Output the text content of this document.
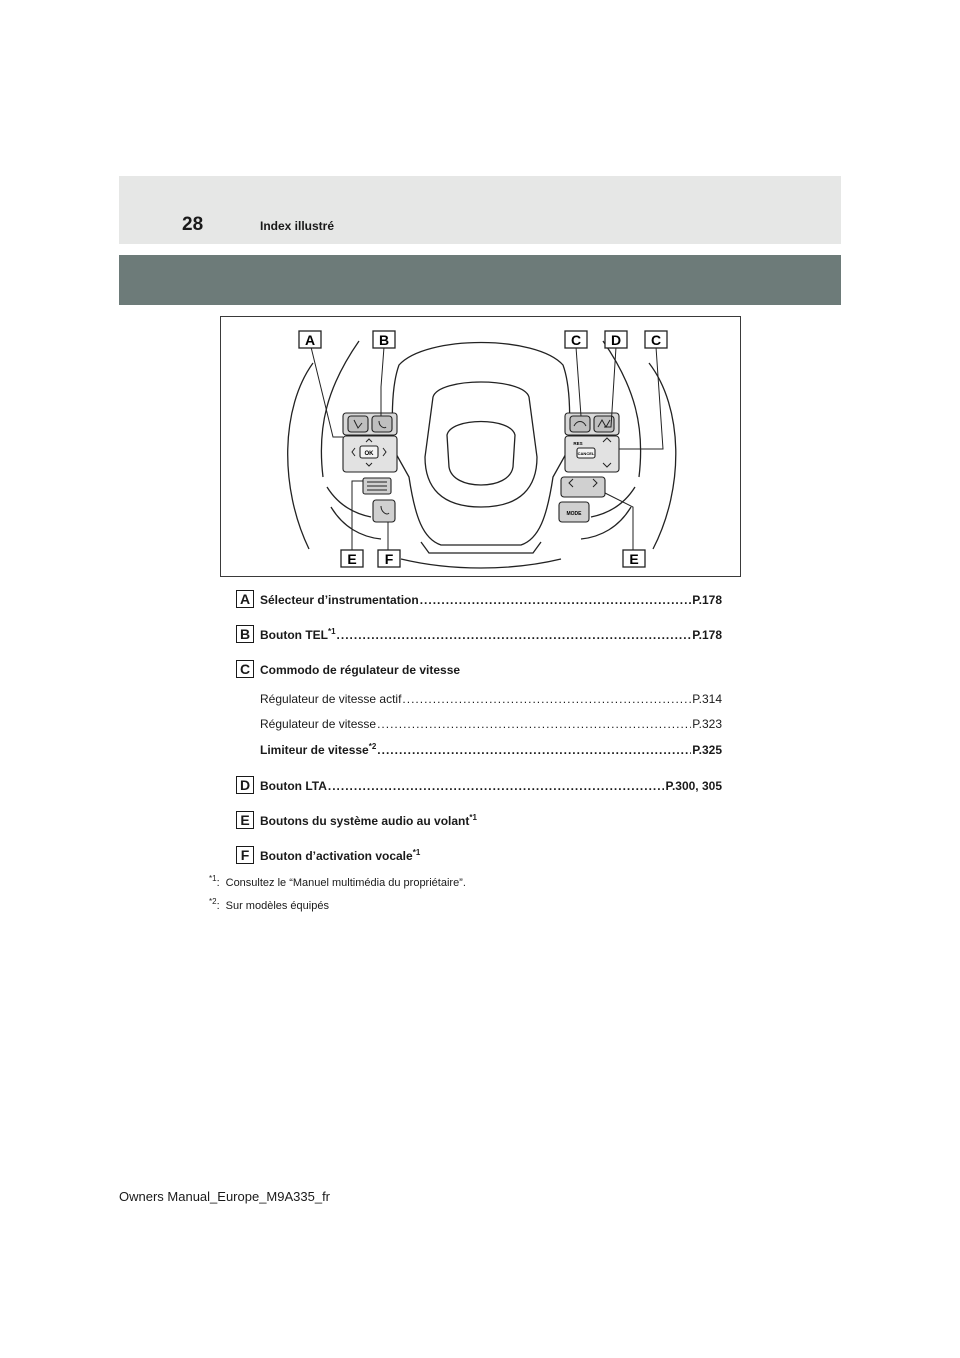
28	Index illustré
OK
RES
CANCEL
MODE
A	B	C D C
E F	E
A Sélecteur d’instrumentation .....	P.178
B Bouton TEL$^{*1}$ .....	P.178
C Commodo de régulateur de vitesse
Régulateur de vitesse actif .....	P.314
Régulateur de vitesse .....	P.323
Limiteur de vitesse$^{*2}$ .....	P.325
D Bouton LTA .....	P.300, 305
E Boutons du système audio au volant$^{*1}$
F Bouton d’activation vocale$^{*1}$
$^{*1}$: Consultez le “Manuel multimédia du propriétaire”.
$^{*2}$: Sur modèles équipés
Owners Manual_Europe_M9A335_fr
